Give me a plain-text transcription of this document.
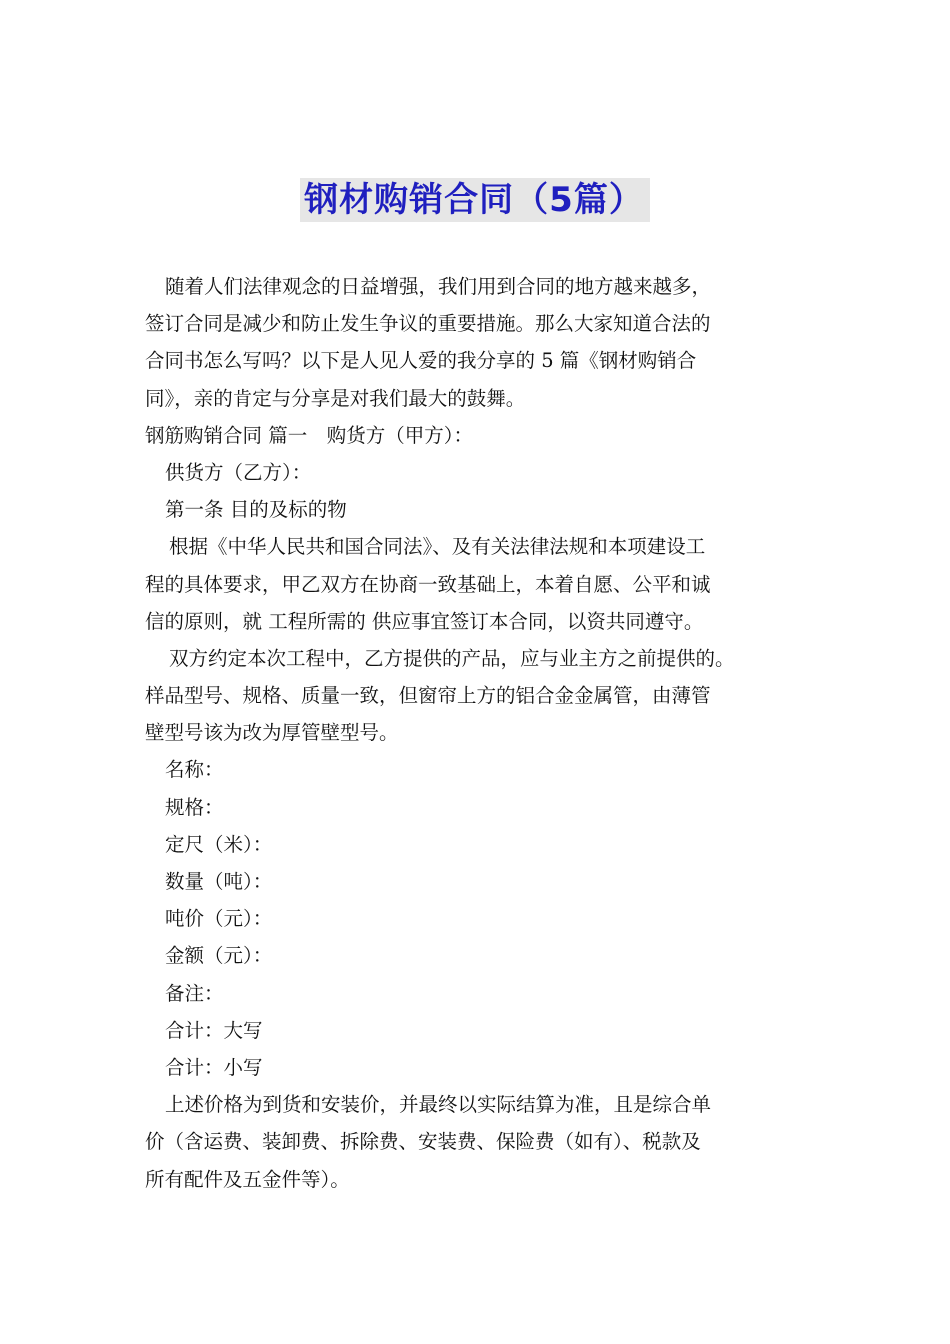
钢材购销合同（5篇）
随着人们法律观念的日益增强，我们用到合同的地方越来越多，
签订合同是减少和防止发生争议的重要措施。那么大家知道合法的
合同书怎么写吗？以下是人见人爱的我分享的 5 篇《钢材购销合
同》，亲的肯定与分享是对我们最大的鼓舞。
钢筋购销合同 篇一　购货方（甲方）：
供货方（乙方）：
第一条 目的及标的物
根据《中华人民共和国合同法》、及有关法律法规和本项建设工
程的具体要求，甲乙双方在协商一致基础上，本着自愿、公平和诚
信的原则，就 工程所需的 供应事宜签订本合同，以资共同遵守。
双方约定本次工程中，乙方提供的产品，应与业主方之前提供的。
样品型号、规格、质量一致，但窗帘上方的铝合金金属管，由薄管
壁型号该为改为厚管壁型号。
名称：
规格：
定尺（米）：
数量（吨）：
吨价（元）：
金额（元）：
备注：
合计：大写
合计：小写
上述价格为到货和安装价，并最终以实际结算为准，且是综合单
价（含运费、装卸费、拆除费、安装费、保险费（如有）、税款及
所有配件及五金件等）。
